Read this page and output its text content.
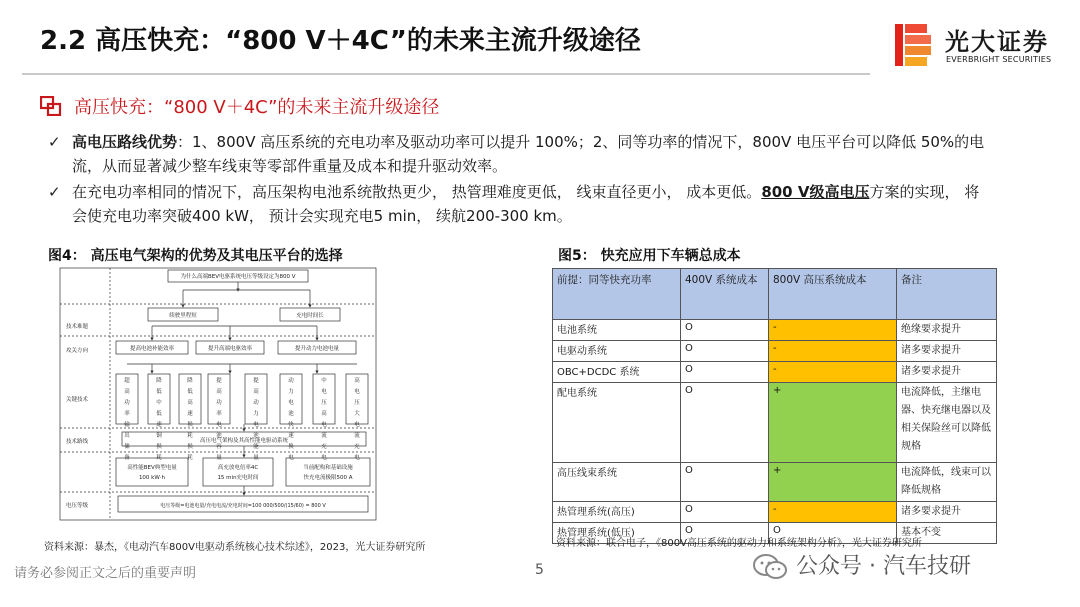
2.2 高压快充：“800 V＋4C”的未来主流升级途径	光大证券
EVERBRIGHT SECURITIES
高压快充：“800 V＋4C”的未来主流升级途径
✓ 高电压路线优势：1、800V 高压系统的充电功率及驱动功率可以提升 100%；2、同等功率的情况下，800V 电压平台可以降低 50%的电流，从而显著减少整车线束等零部件重量及成本和提升驱动效率。
✓ 在充电功率相同的情况下，高压架构电池系统散热更少， 热管理难度更低， 线束直径更小， 成本更低。800 V级高电压方案的实现， 将会使充电功率突破400 kW， 预计会实现充电5 min， 续航200-300 km。
图4： 高压电气架构的优势及其电压平台的选择
技术难题
攻关方向
关键技术
技术路线
电压等级
为什么高端BEV电驱系统电压等级设定为800 V
续驶里程短	充电时间长
提高电池补能效率	提升高端电驱效率	提升动力电池电量
高压电气架构及其高性能电驱动系统
电压等级=电池电量/充电电流/充电时间=100 000/500/(15/60) = 800 V
超高功率输出储备
降低中低速铜损耗
降低高速损耗损耗
提高功率电池容量
提高动力电池能量
动力电池快速换电
中电压高电流充电
高电压大电流充电
高性能BEV典型电量 100 kW·h
高充放电倍率4C 15 min充电时间
当前配构和基础设施快充电流极限500 A
资料来源：暴杰，《电动汽车800V电驱动系统核心技术综述》，2023，光大证券研究所
图5： 快充应用下车辆总成本
前提：同等快充功率	400V 系统成本	800V 高压系统成本	备注
电池系统	O	-	绝缘要求提升
电驱动系统	O	-	诸多要求提升
OBC+DCDC 系统	O	-	诸多要求提升
配电系统	O	+	电流降低，主继电器、快充继电器以及相关保险丝可以降低规格
高压线束系统	O	+	电流降低，线束可以降低规格
热管理系统(高压)	O	-	诸多要求提升
热管理系统(低压)	O	O	基本不变
资料来源：联合电子，《800V高压系统的驱动力和系统架构分析》，光大证券研究所
请务必参阅正文之后的重要声明	5	公众号 · 汽车技研
